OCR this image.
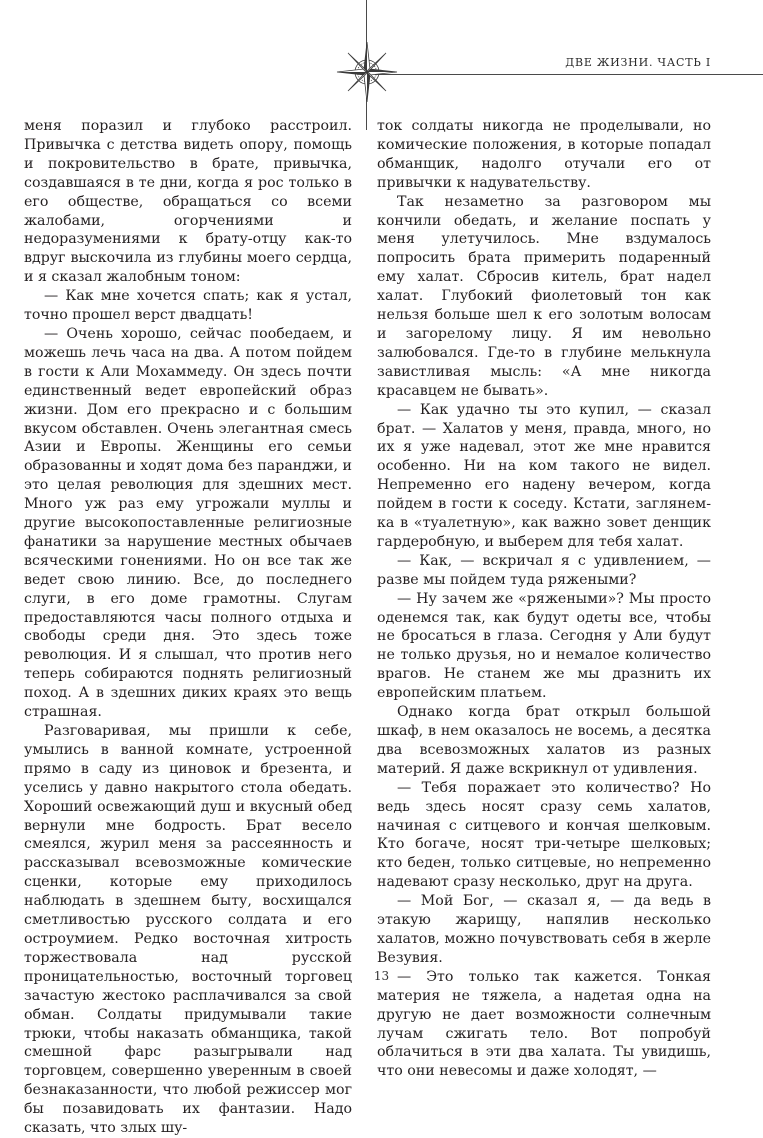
ДВЕ ЖИЗНИ. ЧАСТЬ I

меня поразил и глубоко расстроил. Привычка с детства видеть опору, помощь и покровительство в брате, привычка, создавшаяся в те дни, когда я рос только в его обществе, обращаться со всеми жалобами, огорчениями и недоразумениями к брату-отцу как-то вдруг выскочила из глубины моего сердца, и я сказал жалобным тоном:

— Как мне хочется спать; как я устал, точно прошел верст двадцать!

— Очень хорошо, сейчас пообедаем, и можешь лечь часа на два. А потом пойдем в гости к Али Мохаммеду. Он здесь почти единственный ведет европейский образ жизни. Дом его прекрасно и с большим вкусом обставлен. Очень элегантная смесь Азии и Европы. Женщины его семьи образованны и ходят дома без паранджи, и это целая революция для здешних мест. Много уж раз ему угрожали муллы и другие высокопоставленные религиозные фанатики за нарушение местных обычаев всяческими гонениями. Но он все так же ведет свою линию. Все, до последнего слуги, в его доме грамотны. Слугам предоставляются часы полного отдыха и свободы среди дня. Это здесь тоже революция. И я слышал, что против него теперь собираются поднять религиозный поход. А в здешних диких краях это вещь страшная.

Разговаривая, мы пришли к себе, умылись в ванной комнате, устроенной прямо в саду из циновок и брезента, и уселись у давно накрытого стола обедать. Хороший освежающий душ и вкусный обед вернули мне бодрость. Брат весело смеялся, журил меня за рассеянность и рассказывал всевозможные комические сценки, которые ему приходилось наблюдать в здешнем быту, восхищался сметливостью русского солдата и его остроумием. Редко восточная хитрость торжествовала над русской проницательностью, восточный торговец зачастую жестоко расплачивался за свой обман. Солдаты придумывали такие трюки, чтобы наказать обманщика, такой смешной фарс разыгрывали над торговцем, совершенно уверенным в своей безнаказанности, что любой режиссер мог бы позавидовать их фантазии. Надо сказать, что злых шу-

ток солдаты никогда не проделывали, но комические положения, в которые попадал обманщик, надолго отучали его от привычки к надувательству.

Так незаметно за разговором мы кончили обедать, и желание поспать у меня улетучилось. Мне вздумалось попросить брата примерить подаренный ему халат. Сбросив китель, брат надел халат. Глубокий фиолетовый тон как нельзя больше шел к его золотым волосам и загорелому лицу. Я им невольно залюбовался. Где-то в глубине мелькнула завистливая мысль: «А мне никогда красавцем не бывать».

— Как удачно ты это купил, — сказал брат. — Халатов у меня, правда, много, но их я уже надевал, этот же мне нравится особенно. Ни на ком такого не видел. Непременно его надену вечером, когда пойдем в гости к соседу. Кстати, заглянем-ка в «туалетную», как важно зовет денщик гардеробную, и выберем для тебя халат.

— Как, — вскричал я с удивлением, — разве мы пойдем туда ряжеными?

— Ну зачем же «ряжеными»? Мы просто оденемся так, как будут одеты все, чтобы не бросаться в глаза. Сегодня у Али будут не только друзья, но и немалое количество врагов. Не станем же мы дразнить их европейским платьем.

Однако когда брат открыл большой шкаф, в нем оказалось не восемь, а десятка два всевозможных халатов из разных материй. Я даже вскрикнул от удивления.

— Тебя поражает это количество? Но ведь здесь носят сразу семь халатов, начиная с ситцевого и кончая шелковым. Кто богаче, носят три-четыре шелковых; кто беден, только ситцевые, но непременно надевают сразу несколько, друг на друга.

— Мой Бог, — сказал я, — да ведь в этакую жарищу, напялив несколько халатов, можно почувствовать себя в жерле Везувия.

— Это только так кажется. Тонкая материя не тяжела, а надетая одна на другую не дает возможности солнечным лучам сжигать тело. Вот попробуй облачиться в эти два халата. Ты увидишь, что они невесомы и даже холодят, —

13
